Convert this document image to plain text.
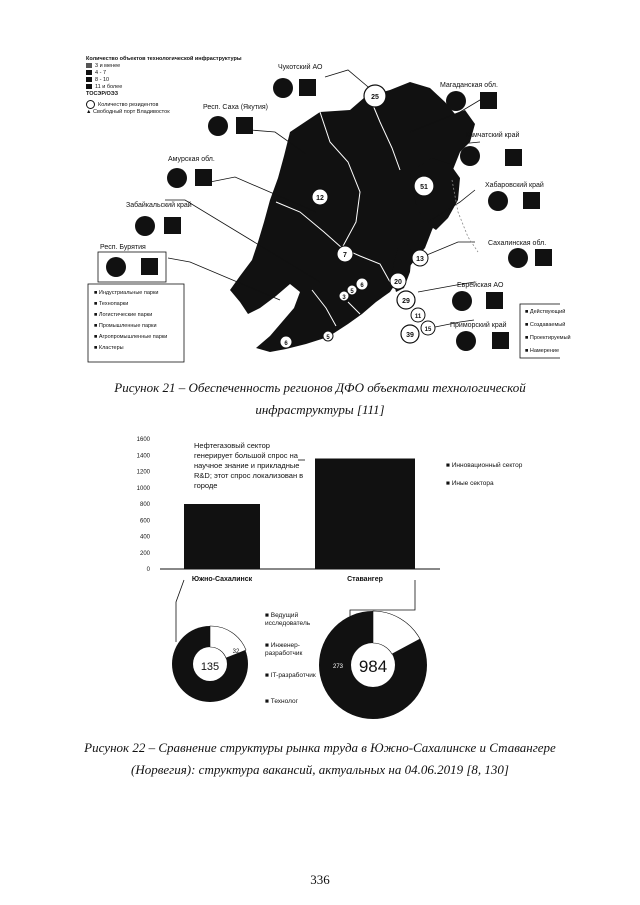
25
12
51
7
13
20
6
5
3	29
11
15
39
6
5
Количество объектов технологической инфраструктуры
3 и менее
4 - 7
8 - 10
11 и более
ТОСЭР/ОЭЗ
Количество резидентов
▲ Свободный порт Владивосток
Чукотский АО
Магаданская обл.
Респ. Саха (Якутия)
Камчатский край
Амурская обл.
Хабаровский край
Забайкальский край
Сахалинская обл.
Респ. Бурятия
Еврейская АО
Приморский край
■ Индустриальные парки
■ Технопарки
■ Логистические парки
■ Промышленные парки
■ Агропромышленные парки
■ Кластеры
■ Действующий
■ Создаваемый
■ Проектируемый
■ Намерение
Рисунок 21 – Обеспеченность регионов ДФО объектами технологической
инфраструктуры [111]
1600
1400
1200
1000
800
600
400
200
0
Южно-Сахалинск	Ставангер
135
32
984
273
Нефтегазовый сектор генерирует большой спрос на научное знание и прикладные R&D; этот спрос локализован в городе
■ Инновационный сектор
■ Иные сектора
■ Ведущий исследователь
■ Инженер-разработчик
■ IT-разработчик
■ Технолог
Рисунок 22 – Сравнение структуры рынка труда в Южно-Сахалинске и Ставангере
(Норвегия): структура вакансий, актуальных на 04.06.2019 [8, 130]
336
